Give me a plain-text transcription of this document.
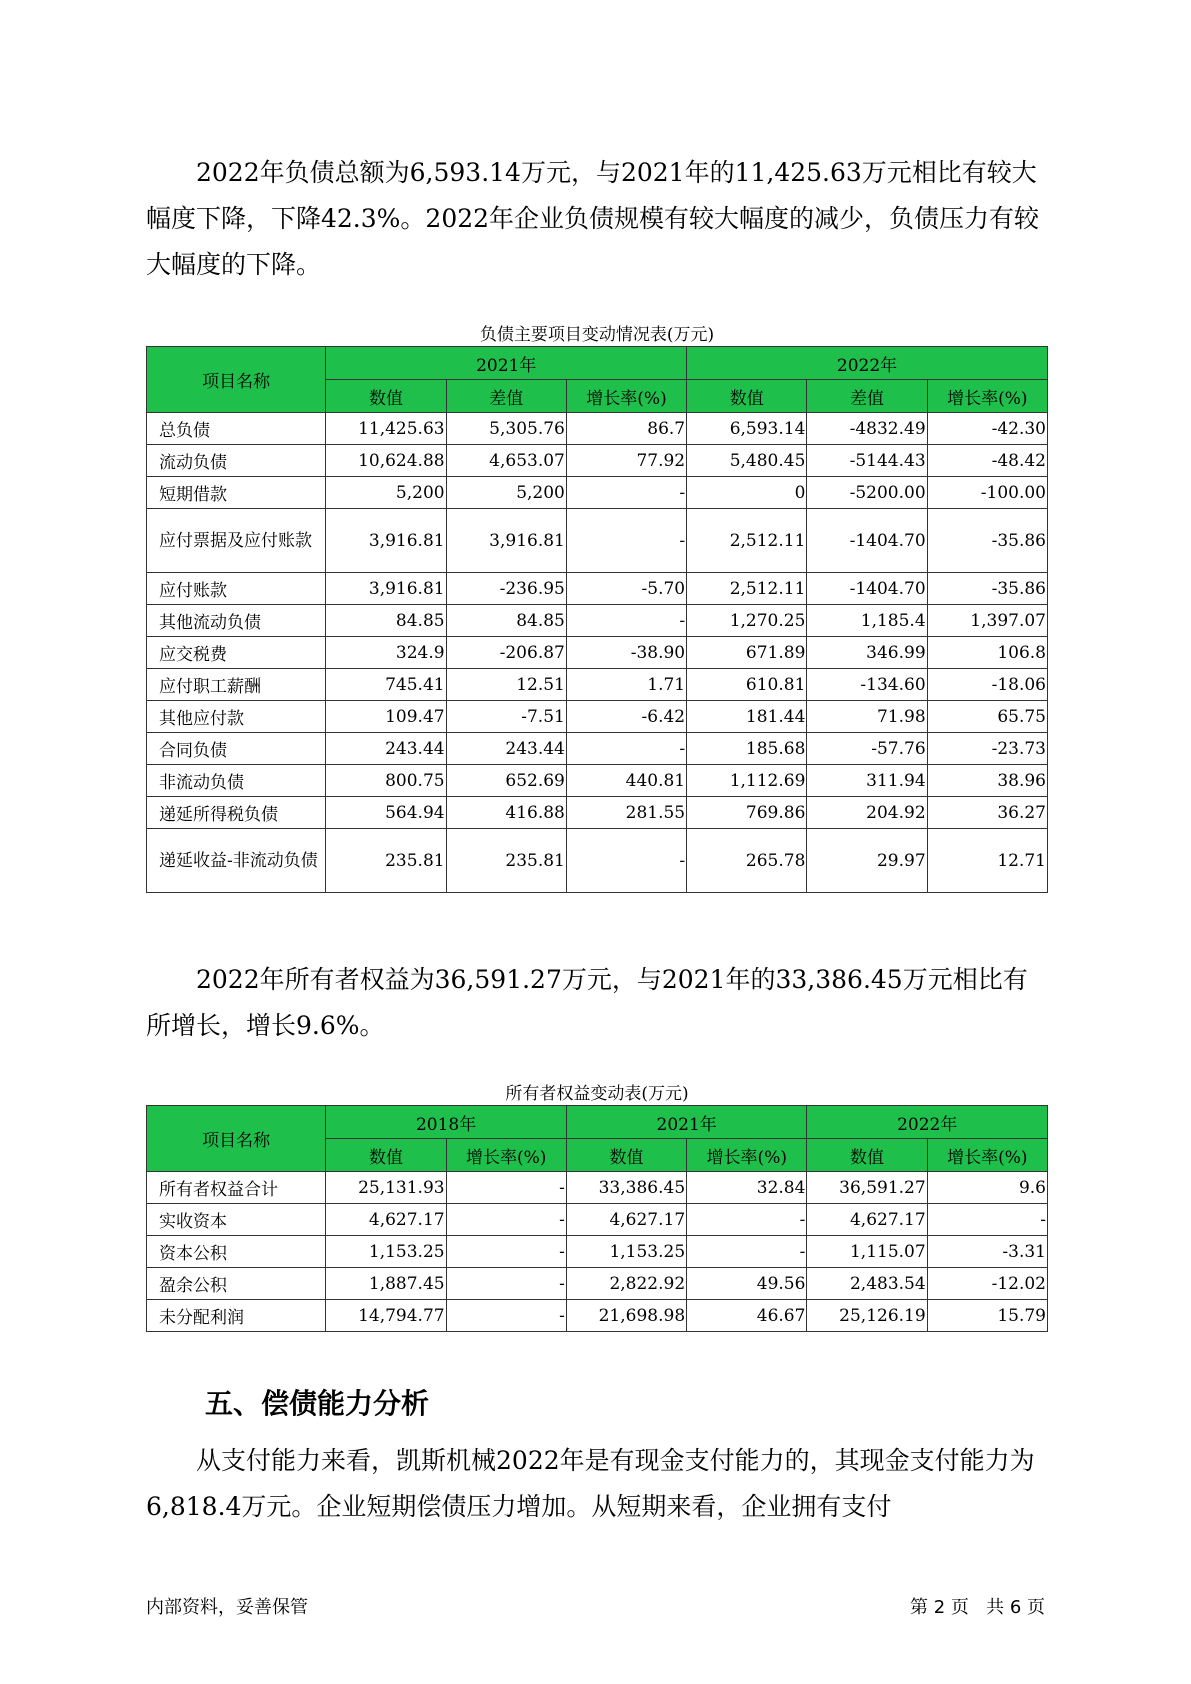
2022年负债总额为6,593.14万元，与2021年的11,425.63万元相比有较大幅度下降，下降42.3%。2022年企业负债规模有较大幅度的减少，负债压力有较大幅度的下降。

负债主要项目变动情况表(万元)
项目名称	2021年			2022年		
	数值	差值	增长率(%)	数值	差值	增长率(%)
总负债	11,425.63	5,305.76	86.7	6,593.14	-4832.49	-42.30
流动负债	10,624.88	4,653.07	77.92	5,480.45	-5144.43	-48.42
短期借款	5,200	5,200	-	0	-5200.00	-100.00
应付票据及应付账款	3,916.81	3,916.81	-	2,512.11	-1404.70	-35.86
应付账款	3,916.81	-236.95	-5.70	2,512.11	-1404.70	-35.86
其他流动负债	84.85	84.85	-	1,270.25	1,185.4	1,397.07
应交税费	324.9	-206.87	-38.90	671.89	346.99	106.8
应付职工薪酬	745.41	12.51	1.71	610.81	-134.60	-18.06
其他应付款	109.47	-7.51	-6.42	181.44	71.98	65.75
合同负债	243.44	243.44	-	185.68	-57.76	-23.73
非流动负债	800.75	652.69	440.81	1,112.69	311.94	38.96
递延所得税负债	564.94	416.88	281.55	769.86	204.92	36.27
递延收益-非流动负债	235.81	235.81	-	265.78	29.97	12.71

2022年所有者权益为36,591.27万元，与2021年的33,386.45万元相比有所增长，增长9.6%。

所有者权益变动表(万元)
项目名称	2018年		2021年		2022年	
	数值	增长率(%)	数值	增长率(%)	数值	增长率(%)
所有者权益合计	25,131.93	-	33,386.45	32.84	36,591.27	9.6
实收资本	4,627.17	-	4,627.17	-	4,627.17	-
资本公积	1,153.25	-	1,153.25	-	1,115.07	-3.31
盈余公积	1,887.45	-	2,822.92	49.56	2,483.54	-12.02
未分配利润	14,794.77	-	21,698.98	46.67	25,126.19	15.79
五、偿债能力分析

从支付能力来看，凯斯机械2022年是有现金支付能力的，其现金支付能力为6,818.4万元。企业短期偿债压力增加。从短期来看，企业拥有支付

内部资料，妥善保管	第 2 页   共 6 页
